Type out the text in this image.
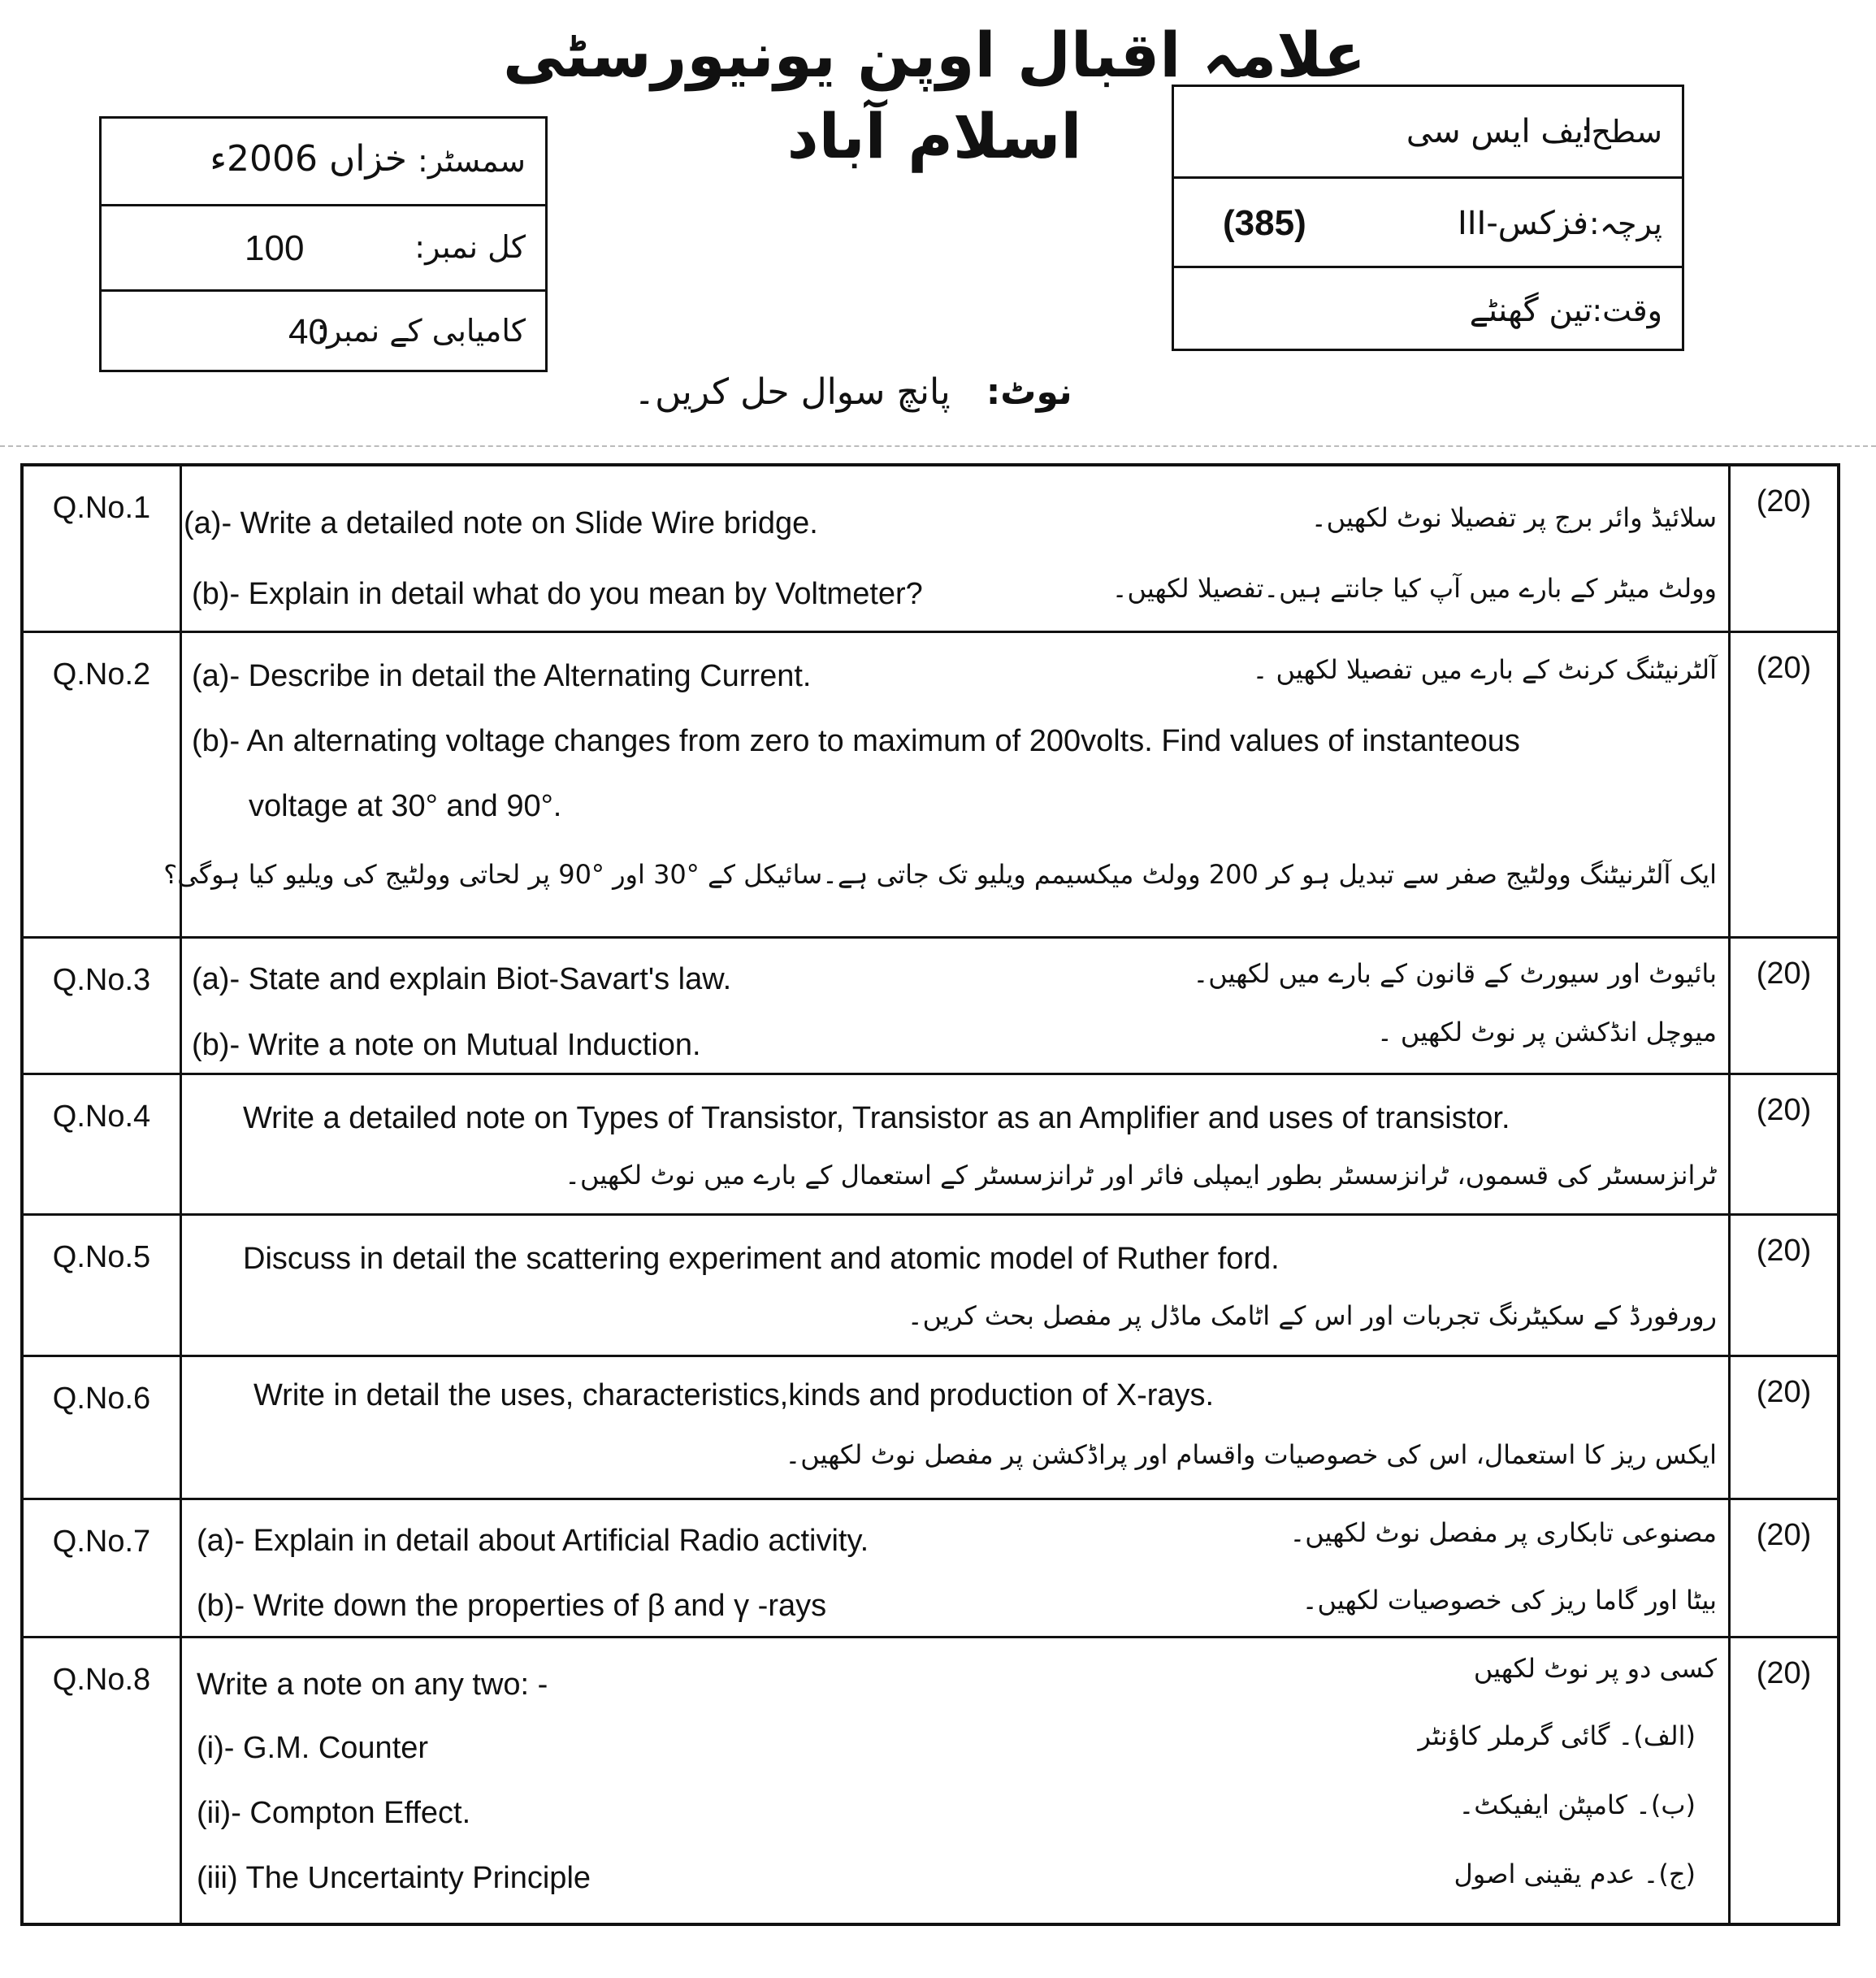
علامہ اقبال اوپن یونیورسٹی اسلام آباد
سمسٹر:
خزاں 2006ء
کل نمبر:
100
کامیابی کے نمبر:
40
سطح:
ایف ایس سی
پرچہ:
فزکس-III
(385)
وقت:
تین گھنٹے
نوٹ: پانچ سوال حل کریں۔
Q.No.1	(a)- Write a detailed note on Slide Wire bridge.
(b)- Explain in detail what do you mean by Voltmeter?
سلائیڈ وائر برج پر تفصیلا نوٹ لکھیں۔
وولٹ میٹر کے بارے میں آپ کیا جانتے ہیں۔تفصیلا لکھیں۔
(20)
Q.No.2	(a)- Describe in detail the Alternating Current.
(b)- An alternating voltage changes from zero to maximum of 200volts. Find values of instanteous
voltage at 30° and 90°.
آلٹرنیٹنگ کرنٹ کے بارے میں تفصیلا لکھیں ۔
ایک آلٹرنیٹنگ وولٹیج صفر سے تبدیل ہو کر 200 وولٹ میکسیمم ویلیو تک جاتی ہے۔سائیکل کے °30 اور °90 پر لحاتی وولٹیج کی ویلیو کیا ہوگی؟
(20)
Q.No.3	(a)- State and explain Biot-Savart's law.
(b)- Write a note on Mutual Induction.
بائیوٹ اور سیورٹ کے قانون کے بارے میں لکھیں۔
میوچل انڈکشن پر نوٹ لکھیں ۔
(20)
Q.No.4	Write a detailed note on Types of Transistor, Transistor as an Amplifier and uses of transistor.
ٹرانزسسٹر کی قسموں، ٹرانزسسٹر بطور ایمپلی فائر اور ٹرانزسسٹر کے استعمال کے بارے میں نوٹ لکھیں۔
(20)
Q.No.5	Discuss in detail the scattering experiment and atomic model of Ruther ford.
رورفورڈ کے سکیٹرنگ تجربات اور اس کے اٹامک ماڈل پر مفصل بحث کریں۔
(20)
Q.No.6	Write in detail the uses, characteristics,kinds and production of X-rays.
ایکس ریز کا استعمال، اس کی خصوصیات واقسام اور پراڈکشن پر مفصل نوٹ لکھیں۔
(20)
Q.No.7	(a)- Explain in detail about Artificial Radio activity.
(b)- Write down the properties of β and γ -rays
مصنوعی تابکاری پر مفصل نوٹ لکھیں۔
بیٹا اور گاما ریز کی خصوصیات لکھیں۔
(20)
Q.No.8	Write a note on any two: -
(i)- G.M. Counter
(ii)- Compton Effect.
(iii) The Uncertainty Principle
کسی دو پر نوٹ لکھیں
(الف)۔ گائی گرملر کاؤنٹر
(ب)۔ کامپٹن ایفیکٹ۔
(ج)۔ عدم یقینی اصول
(20)
